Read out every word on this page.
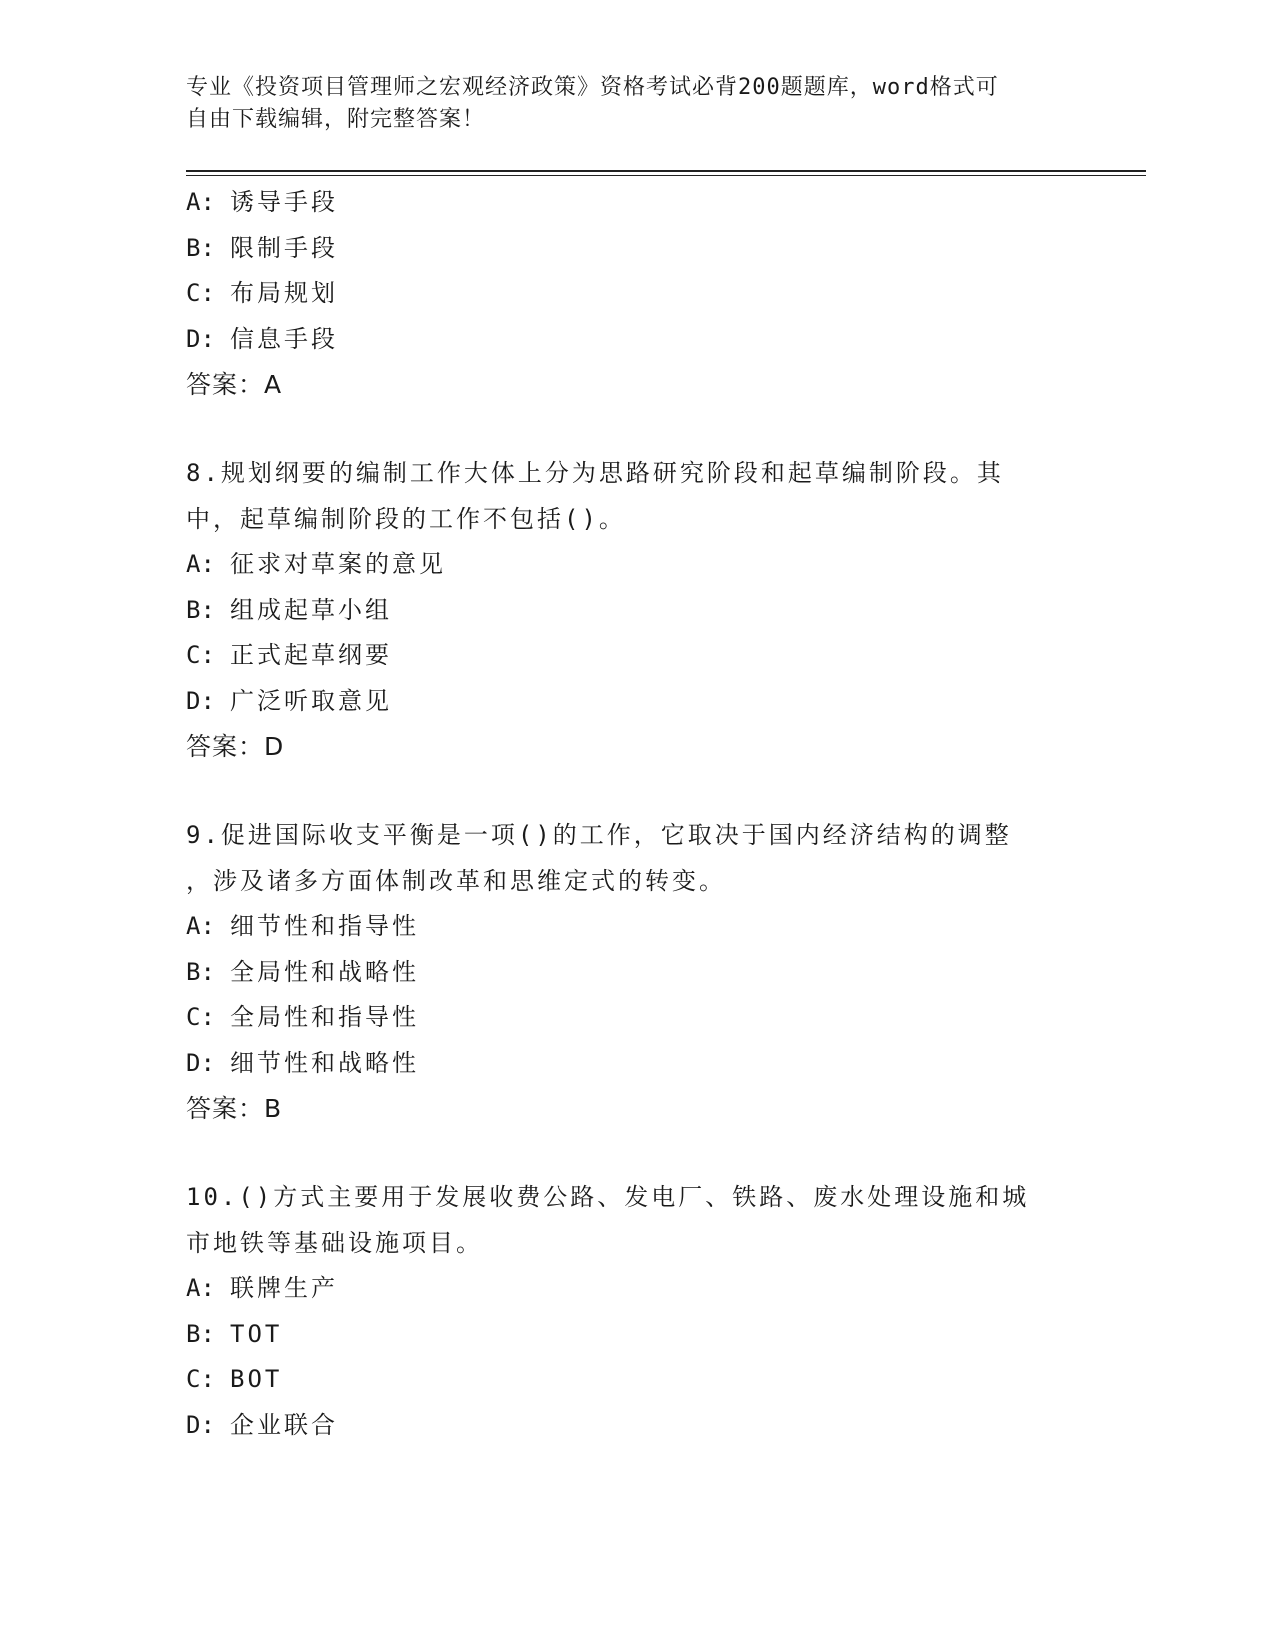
专业《投资项目管理师之宏观经济政策》资格考试必背200题题库，word格式可
自由下载编辑，附完整答案！
A: 诱导手段
B: 限制手段
C: 布局规划
D: 信息手段
答案：A
8.规划纲要的编制工作大体上分为思路研究阶段和起草编制阶段。其
中，起草编制阶段的工作不包括()。
A: 征求对草案的意见
B: 组成起草小组
C: 正式起草纲要
D: 广泛听取意见
答案：D
9.促进国际收支平衡是一项()的工作，它取决于国内经济结构的调整
，涉及诸多方面体制改革和思维定式的转变。
A: 细节性和指导性
B: 全局性和战略性
C: 全局性和指导性
D: 细节性和战略性
答案：B
10.()方式主要用于发展收费公路、发电厂、铁路、废水处理设施和城
市地铁等基础设施项目。
A: 联牌生产
B: TOT
C: BOT
D: 企业联合
